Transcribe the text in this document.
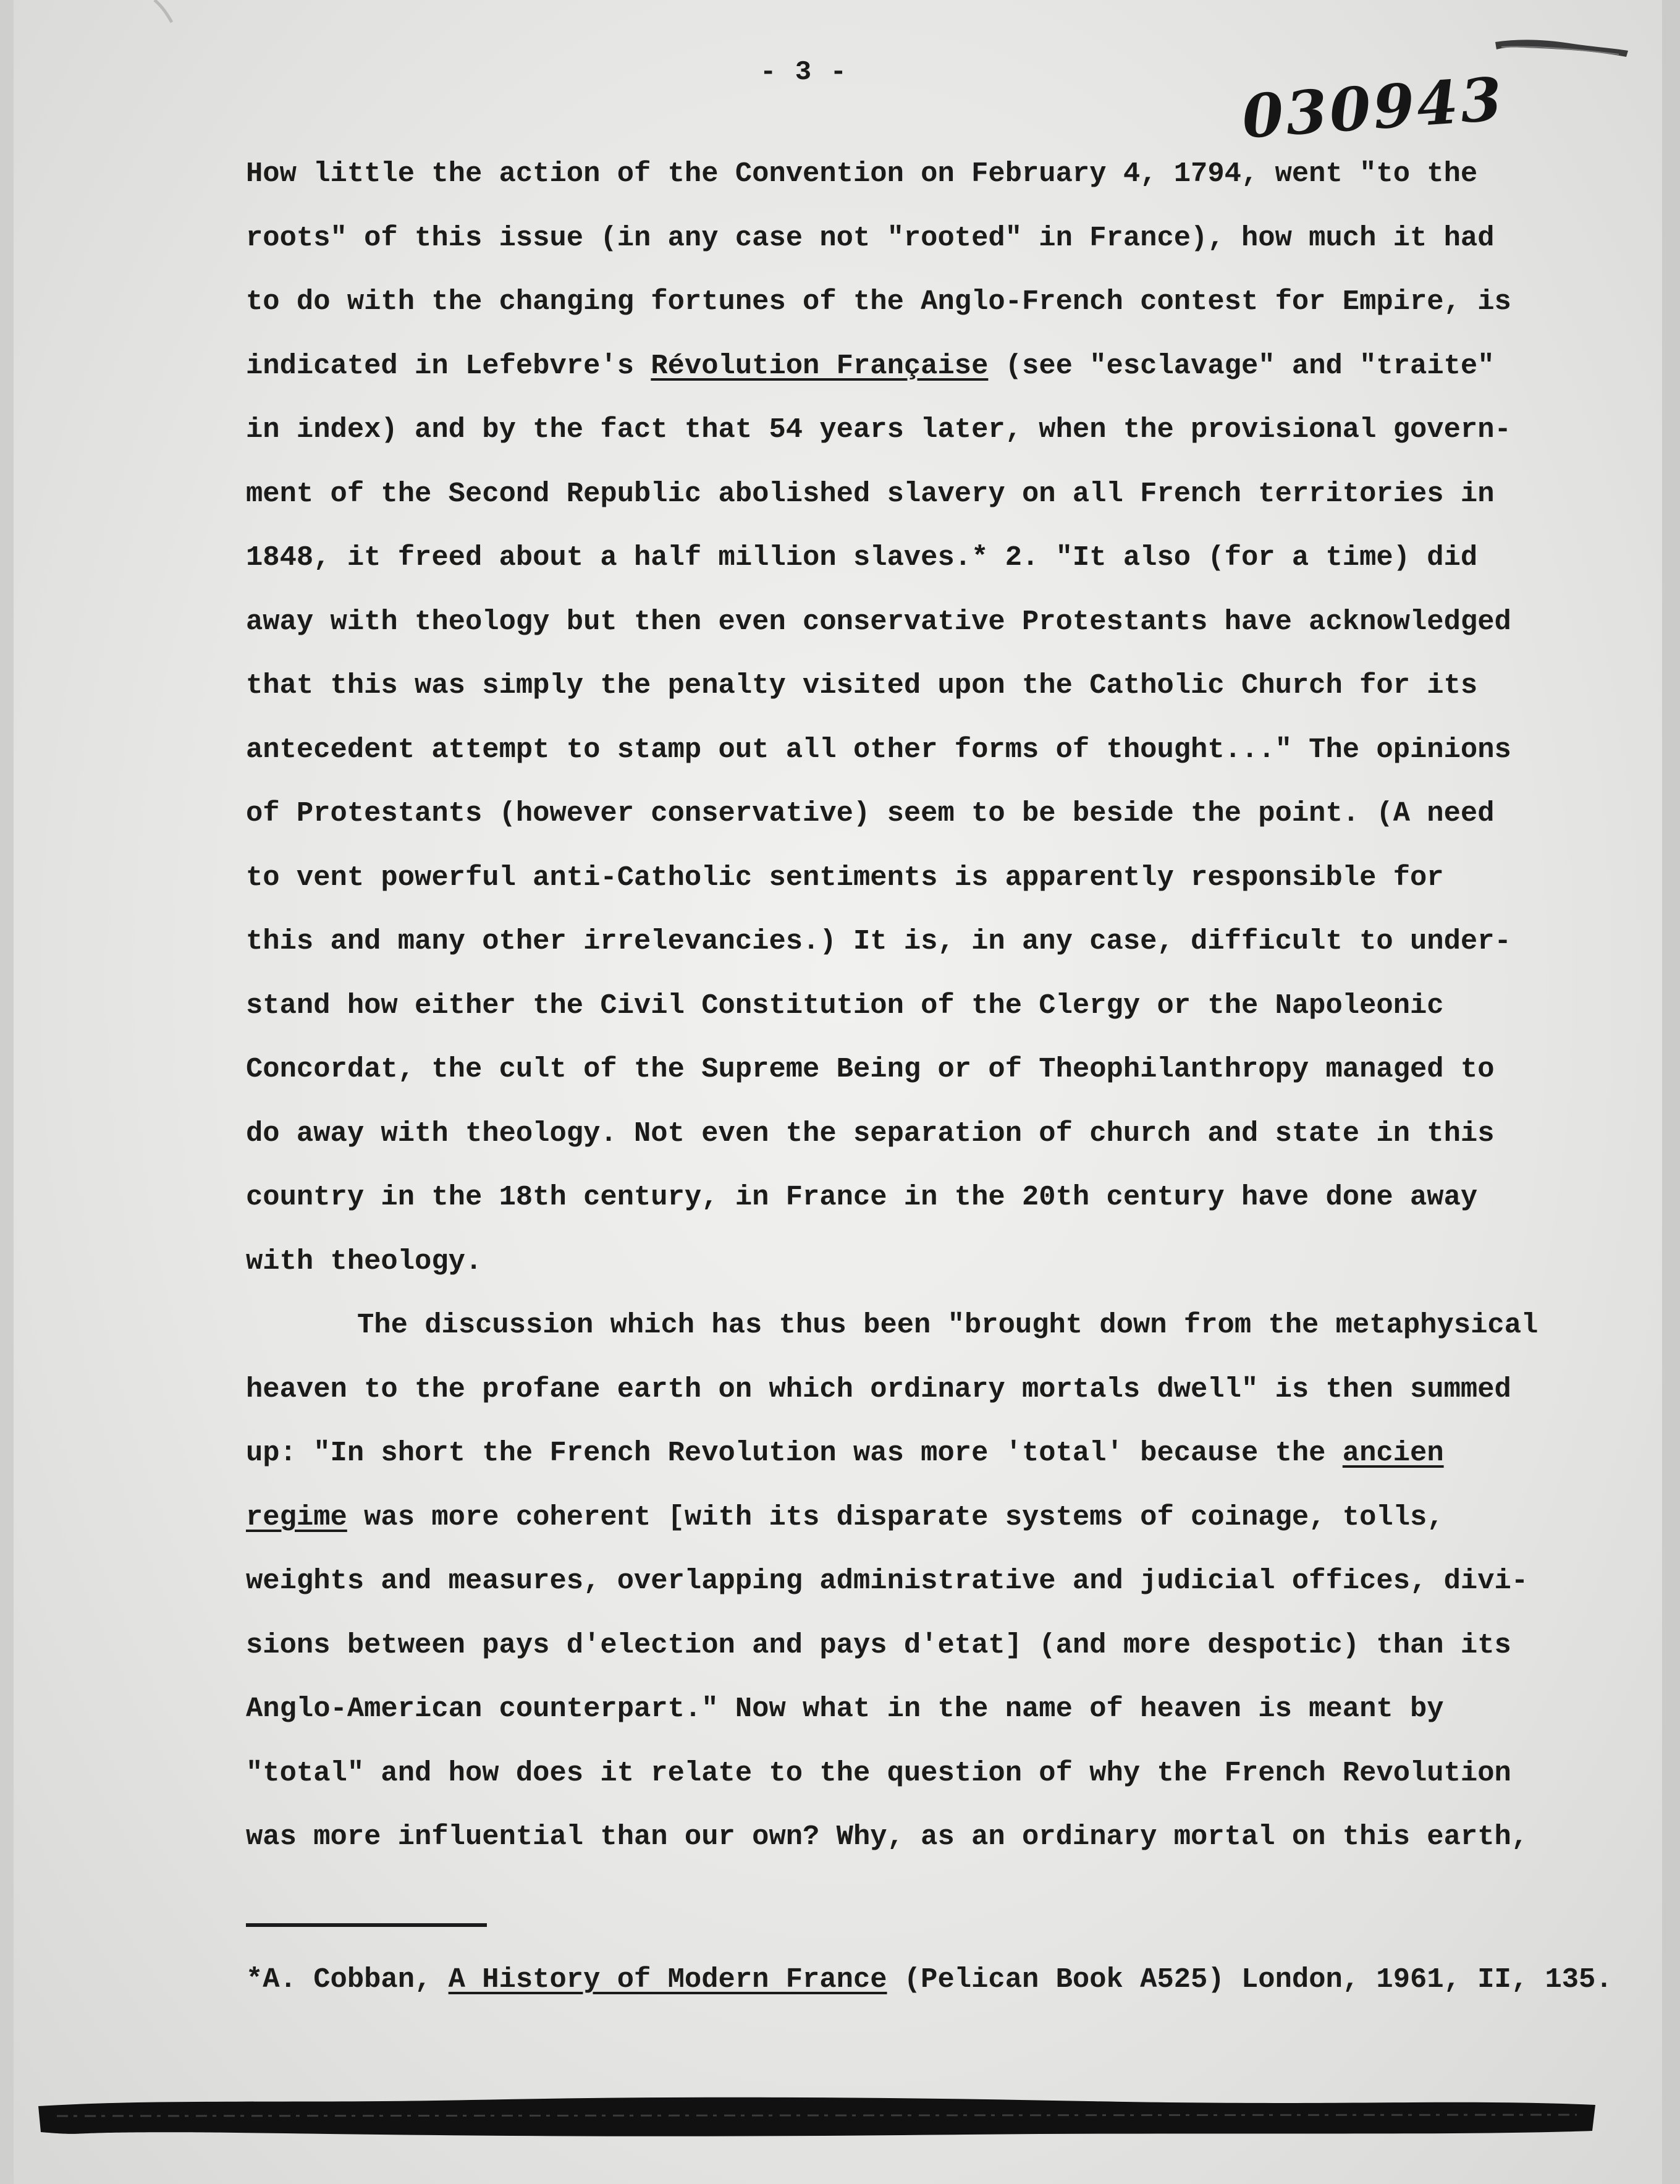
- 3 -	030943
How little the action of the Convention on February 4, 1794, went "to the
roots" of this issue (in any case not "rooted" in France), how much it had
to do with the changing fortunes of the Anglo-French contest for Empire, is
indicated in Lefebvre's Révolution Française (see "esclavage" and "traite"
in index) and by the fact that 54 years later, when the provisional govern-
ment of the Second Republic abolished slavery on all French territories in
1848, it freed about a half million slaves.* 2. "It also (for a time) did
away with theology but then even conservative Protestants have acknowledged
that this was simply the penalty visited upon the Catholic Church for its
antecedent attempt to stamp out all other forms of thought..." The opinions
of Protestants (however conservative) seem to be beside the point. (A need
to vent powerful anti-Catholic sentiments is apparently responsible for
this and many other irrelevancies.) It is, in any case, difficult to under-
stand how either the Civil Constitution of the Clergy or the Napoleonic
Concordat, the cult of the Supreme Being or of Theophilanthropy managed to
do away with theology. Not even the separation of church and state in this
country in the 18th century, in France in the 20th century have done away
with theology.
The discussion which has thus been "brought down from the metaphysical
heaven to the profane earth on which ordinary mortals dwell" is then summed
up: "In short the French Revolution was more 'total' because the ancien
regime was more coherent [with its disparate systems of coinage, tolls,
weights and measures, overlapping administrative and judicial offices, divi-
sions between pays d'election and pays d'etat] (and more despotic) than its
Anglo-American counterpart." Now what in the name of heaven is meant by
"total" and how does it relate to the question of why the French Revolution
was more influential than our own? Why, as an ordinary mortal on this earth,
*A. Cobban, A History of Modern France (Pelican Book A525) London, 1961, II, 135.
